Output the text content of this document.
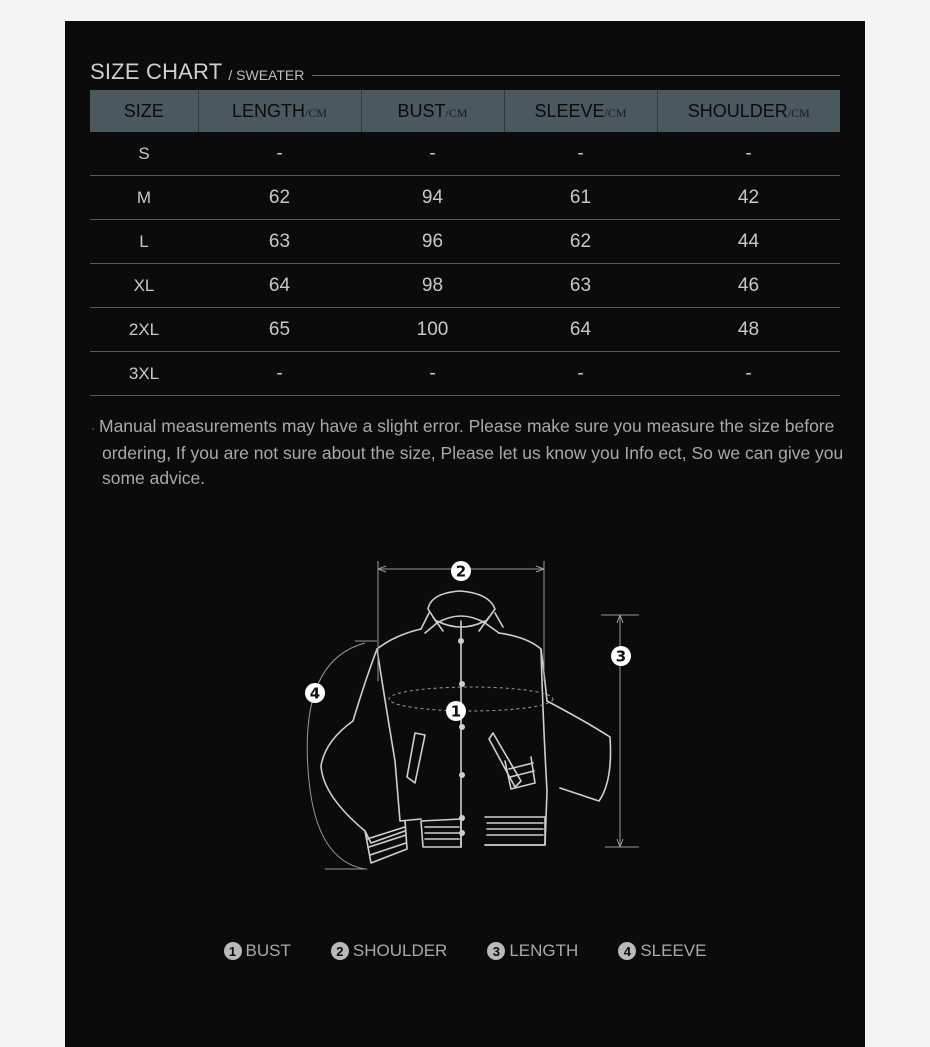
SIZE CHART / SWEATER
SIZE	LENGTH/CM	BUST/CM	SLEEVE/CM	SHOULDER/CM
S	-	-	-	-
M	62	94	61	42
L	63	96	62	44
XL	64	98	63	46
2XL	65	100	64	48
3XL	-	-	-	-
· Manual measurements may have a slight error. Please make sure you measure the size before ordering, If you are not sure about the size, Please let us know you Info ect, So we can give you some advice.
2
1
3
4
1 BUST	2 SHOULDER	3 LENGTH	4 SLEEVE
